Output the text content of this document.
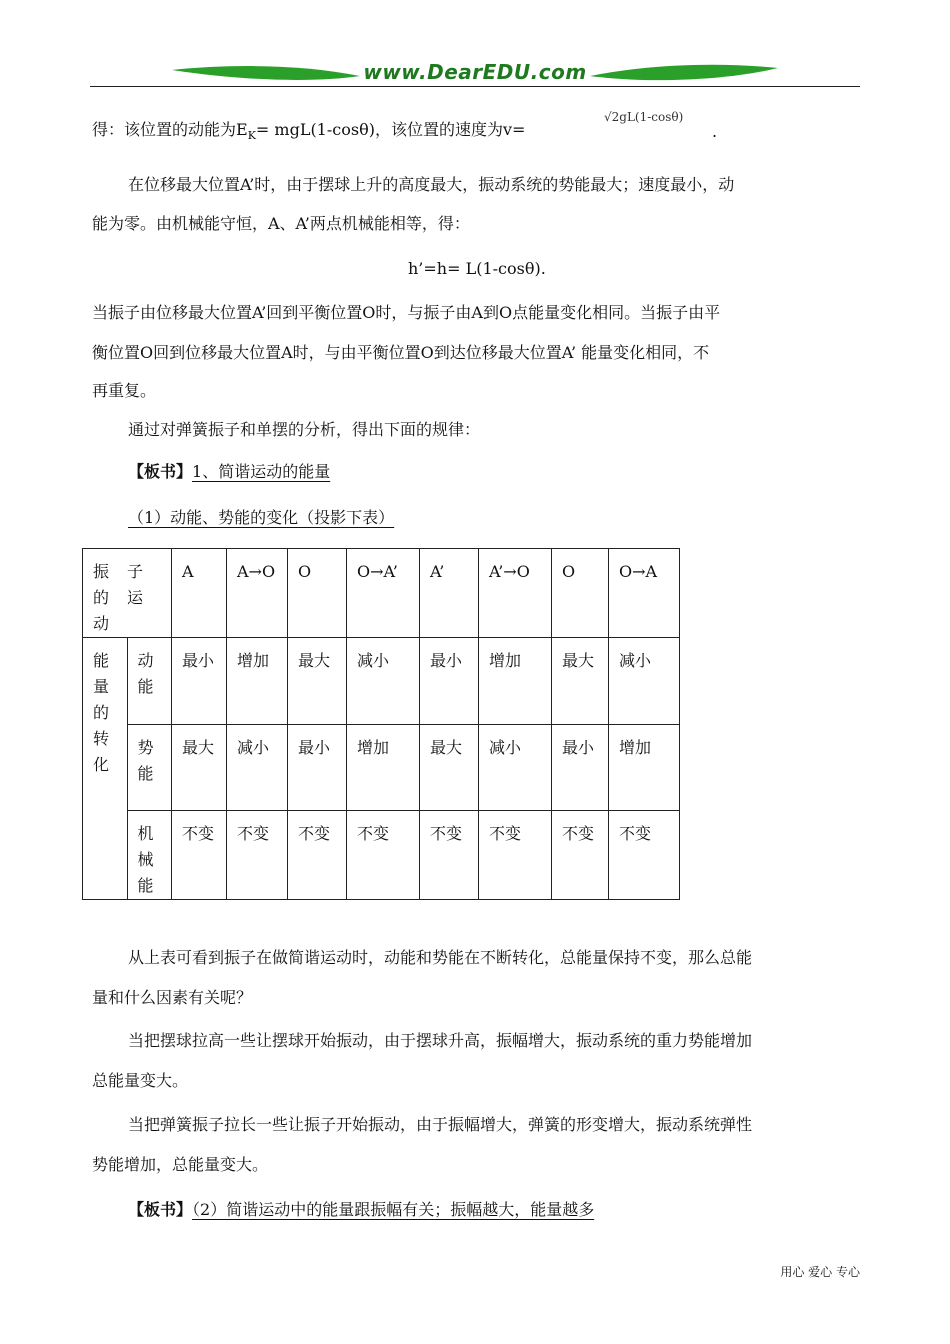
www.DearEDU.com
得：该位置的动能为$E_K= mgL(1-\cos\theta)$，该位置的速度为v=
√2gL(1-cosθ)
.
在位移最大位置A’时，由于摆球上升的高度最大，振动系统的势能最大；速度最小，动
能为零。由机械能守恒，A、A’两点机械能相等，得：
h’=h= L(1-cosθ).
当振子由位移最大位置A’回到平衡位置O时，与振子由A到O点能量变化相同。当振子由平
衡位置O回到位移最大位置A时，与由平衡位置O到达位移最大位置A’ 能量变化相同，不
再重复。
通过对弹簧振子和单摆的分析，得出下面的规律：
【板书】1、简谐运动的能量
（1）动能、势能的变化（投影下表）
振子的运动		A	A→O	O	O→A’	A’	A’→O	O	O→A
能量的转化	动能	最小	增加	最大	减小	最小	增加	最大	减小
	势能	最大	减小	最小	增加	最大	减小	最小	增加
	机械能	不变	不变	不变	不变	不变	不变	不变	不变
从上表可看到振子在做简谐运动时，动能和势能在不断转化，总能量保持不变，那么总能
量和什么因素有关呢？
当把摆球拉高一些让摆球开始振动，由于摆球升高，振幅增大，振动系统的重力势能增加
总能量变大。
当把弹簧振子拉长一些让振子开始振动，由于振幅增大，弹簧的形变增大，振动系统弹性
势能增加，总能量变大。
【板书】（2）简谐运动中的能量跟振幅有关；振幅越大，能量越多
用心 爱心 专心
